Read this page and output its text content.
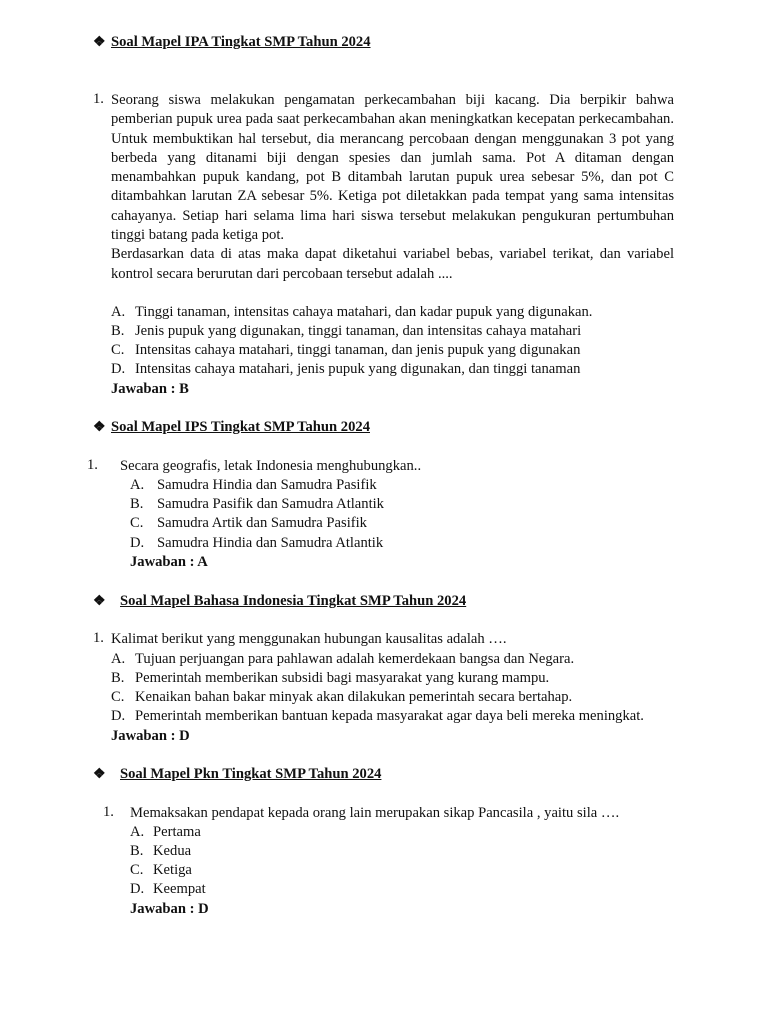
❖ Soal Mapel IPA Tingkat SMP Tahun 2024
1. Seorang siswa melakukan pengamatan perkecambahan biji kacang. Dia berpikir bahwa pemberian pupuk urea pada saat perkecambahan akan meningkatkan kecepatan perkecambahan. Untuk membuktikan hal tersebut, dia merancang percobaan dengan menggunakan 3 pot yang berbeda yang ditanami biji dengan spesies dan jumlah sama. Pot A ditaman dengan menambahkan pupuk kandang, pot B ditambah larutan pupuk urea sebesar 5%, dan pot C ditambahkan larutan ZA sebesar 5%. Ketiga pot diletakkan pada tempat yang sama intensitas cahayanya. Setiap hari selama lima hari siswa tersebut melakukan pengukuran pertumbuhan tinggi batang pada ketiga pot.

Berdasarkan data di atas maka dapat diketahui variabel bebas, variabel terikat, dan variabel kontrol secara berurutan dari percobaan tersebut adalah ....

A. Tinggi tanaman, intensitas cahaya matahari, dan kadar pupuk yang digunakan.
B. Jenis pupuk yang digunakan, tinggi tanaman, dan intensitas cahaya matahari
C. Intensitas cahaya matahari, tinggi tanaman, dan jenis pupuk yang digunakan
D. Intensitas cahaya matahari, jenis pupuk yang digunakan, dan tinggi tanaman
Jawaban : B
❖ Soal Mapel IPS Tingkat SMP Tahun 2024
1.	Secara geografis, letak Indonesia menghubungkan..
A. Samudra Hindia dan Samudra Pasifik
B. Samudra Pasifik dan Samudra Atlantik
C. Samudra Artik dan Samudra Pasifik
D. Samudra Hindia dan Samudra Atlantik
Jawaban : A
❖ Soal Mapel Bahasa Indonesia Tingkat SMP Tahun 2024
1. Kalimat berikut yang menggunakan hubungan kausalitas adalah ….
A. Tujuan perjuangan para pahlawan adalah kemerdekaan bangsa dan Negara.
B. Pemerintah memberikan subsidi bagi masyarakat yang kurang mampu.
C. Kenaikan bahan bakar minyak akan dilakukan pemerintah secara bertahap.
D. Pemerintah memberikan bantuan kepada masyarakat agar daya beli mereka meningkat.
Jawaban : D
❖ Soal Mapel Pkn Tingkat SMP Tahun 2024
1.	Memaksakan pendapat kepada orang lain merupakan sikap Pancasila , yaitu sila ….
A. Pertama
B. Kedua
C. Ketiga
D. Keempat
Jawaban : D
